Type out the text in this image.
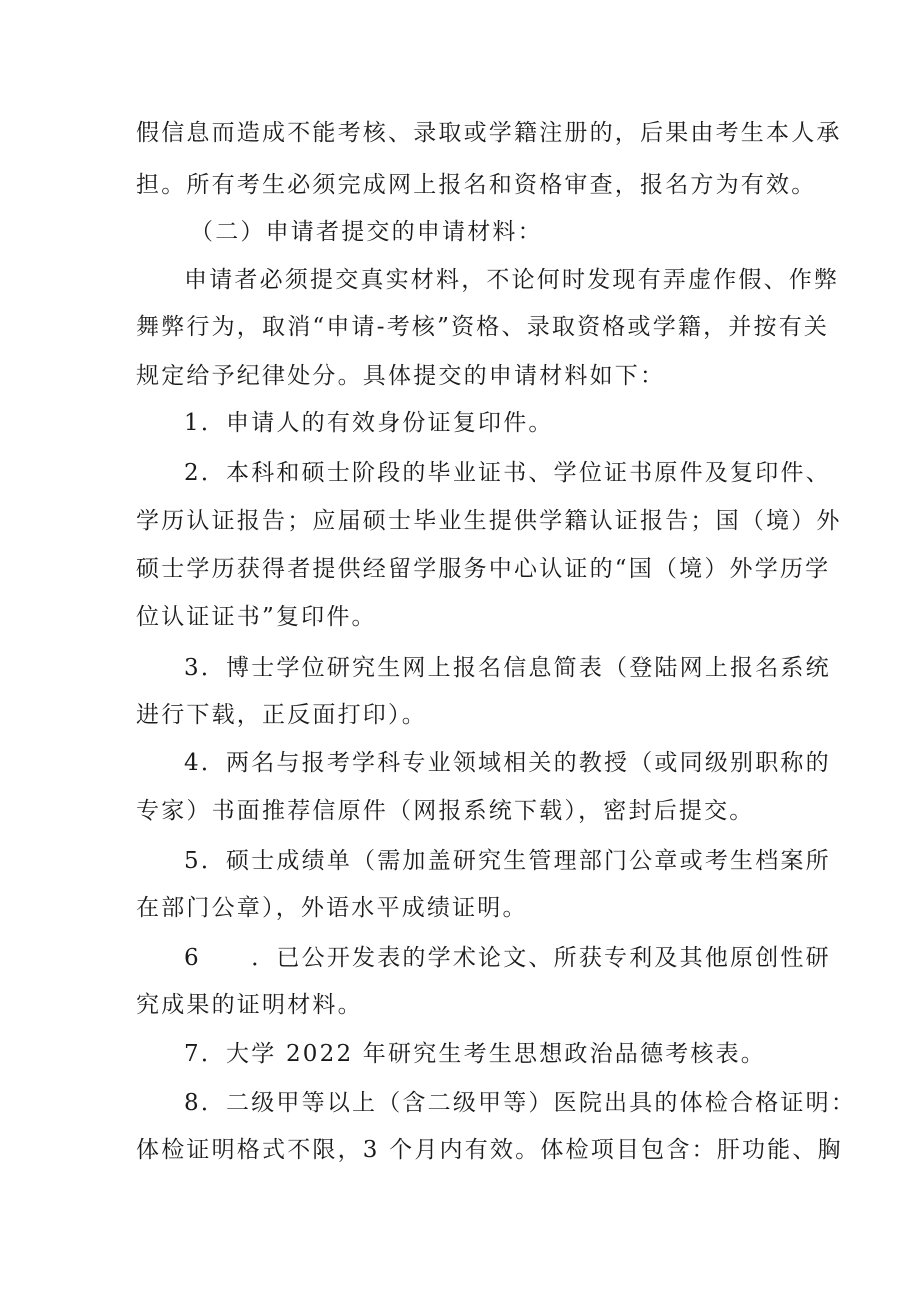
假信息而造成不能考核、录取或学籍注册的，后果由考生本人承

担。所有考生必须完成网上报名和资格审查，报名方为有效。

（二）申请者提交的申请材料：

申请者必须提交真实材料，不论何时发现有弄虚作假、作弊

舞弊行为，取消“申请-考核”资格、录取资格或学籍，并按有关

规定给予纪律处分。具体提交的申请材料如下：

1．申请人的有效身份证复印件。

2．本科和硕士阶段的毕业证书、学位证书原件及复印件、

学历认证报告；应届硕士毕业生提供学籍认证报告；国（境）外

硕士学历获得者提供经留学服务中心认证的“国（境）外学历学

位认证证书”复印件。

3．博士学位研究生网上报名信息简表（登陆网上报名系统

进行下载，正反面打印）。

4．两名与报考学科专业领域相关的教授（或同级别职称的

专家）书面推荐信原件（网报系统下载），密封后提交。

5．硕士成绩单（需加盖研究生管理部门公章或考生档案所

在部门公章），外语水平成绩证明。

6　　．已公开发表的学术论文、所获专利及其他原创性研

究成果的证明材料。

7．大学 2022 年研究生考生思想政治品德考核表。

8．二级甲等以上（含二级甲等）医院出具的体检合格证明：

体检证明格式不限，3 个月内有效。体检项目包含：肝功能、胸
